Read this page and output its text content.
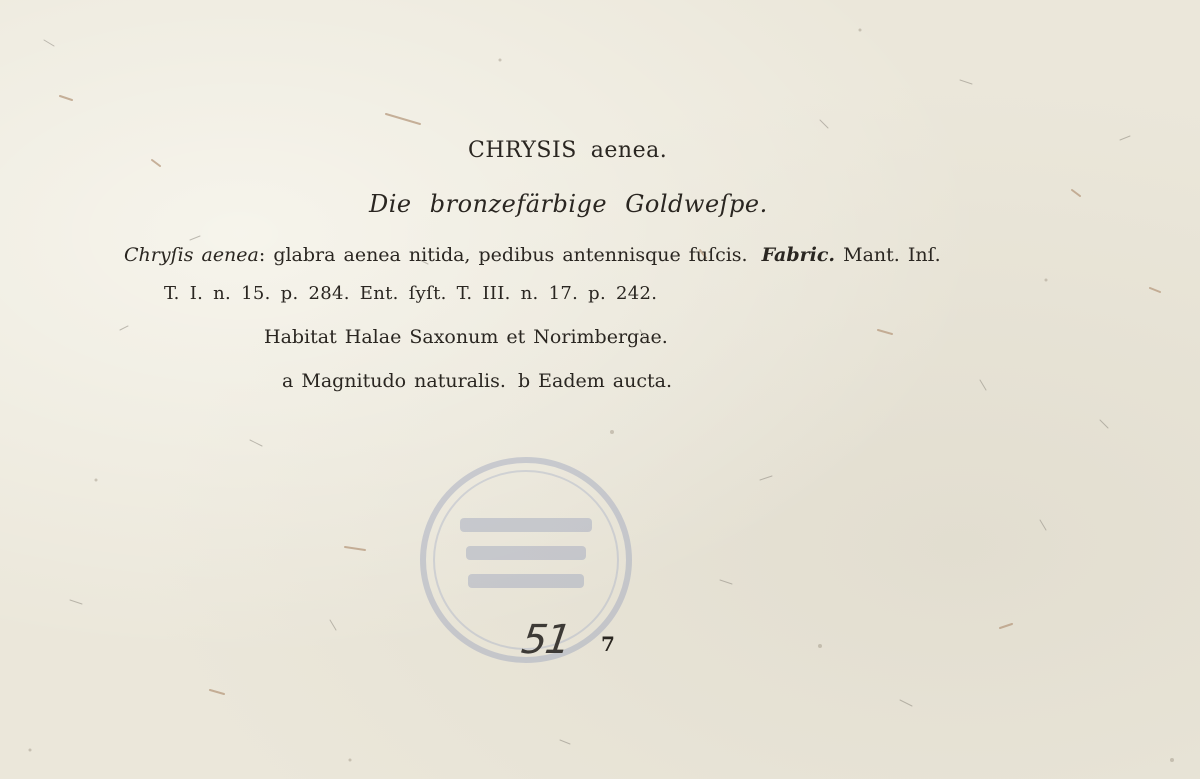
CHRYSIS aenea.
Die bronzefärbige Goldweſpe.
Chryſis aenea: glabra aenea nitida, pedibus antennisque fuſcis. Fabric. Mant. Inſ.
T. I. n. 15. p. 284. Ent. ſyſt. T. III. n. 17. p. 242.
Habitat Halae Saxonum et Norimbergae.
a Magnitudo naturalis. b Eadem aucta.
51 7
